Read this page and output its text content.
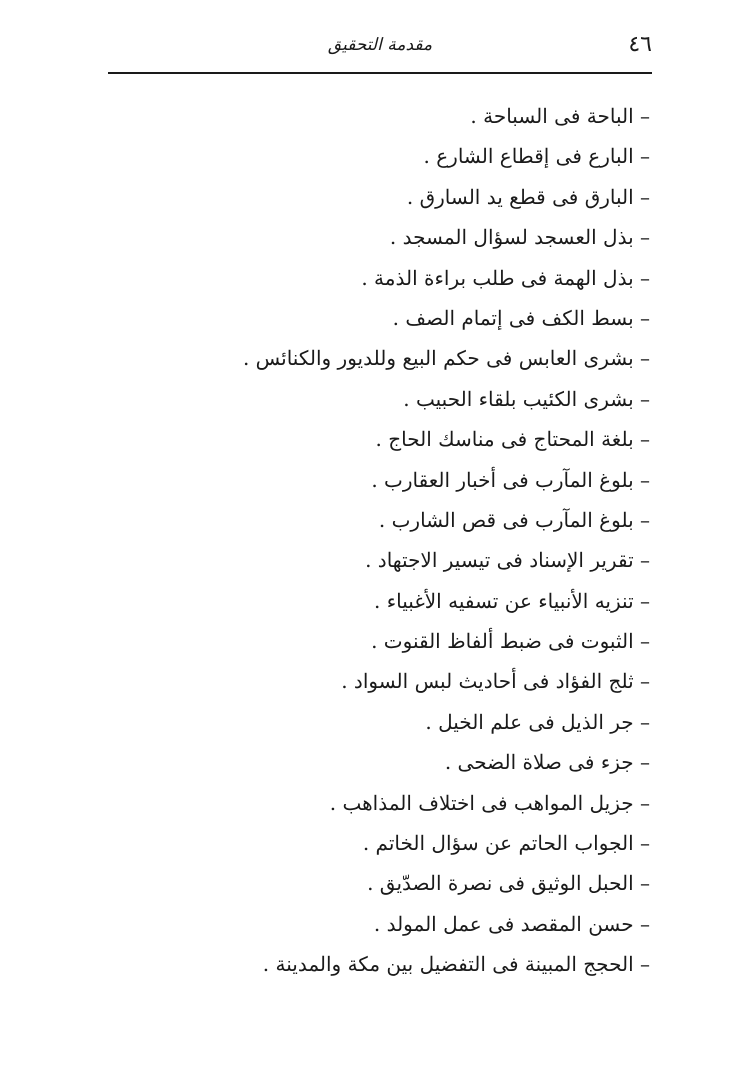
٤٦
مقدمة التحقيق
– الباحة فى السباحة .
– البارع فى إقطاع الشارع .
– البارق فى قطع يد السارق .
– بذل العسجد لسؤال المسجد .
– بذل الهمة فى طلب براءة الذمة .
– بسط الكف فى إتمام الصف .
– بشرى العابس فى حكم البيع وللديور والكنائس .
– بشرى الكئيب بلقاء الحبيب .
– بلغة المحتاج فى مناسك الحاج .
– بلوغ المآرب فى أخبار العقارب .
– بلوغ المآرب فى قص الشارب .
– تقرير الإسناد فى تيسير الاجتهاد .
– تنزيه الأنبياء عن تسفيه الأغبياء .
– الثبوت فى ضبط ألفاظ القنوت .
– ثلج الفؤاد فى أحاديث لبس السواد .
– جر الذيل فى علم الخيل .
– جزء فى صلاة الضحى .
– جزيل المواهب فى اختلاف المذاهب .
– الجواب الحاتم عن سؤال الخاتم .
– الحبل الوثيق فى نصرة الصدّيق .
– حسن المقصد فى عمل المولد .
– الحجج المبينة فى التفضيل بين مكة والمدينة .
